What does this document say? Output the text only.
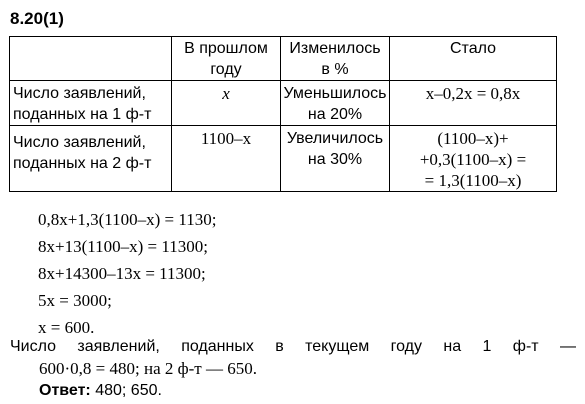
8.20(1)

	В прошлом
году	Изменилось
в %	Стало

Число заявлений,
поданных на 1 ф-т	x	Уменьшилось
на 20%	x–0,2x = 0,8x

Число заявлений,
поданных на 2 ф-т	1100–x	Увеличилось
на 30%	(1100–x)+
+0,3(1100–x) =
= 1,3(1100–x)
0,8x+1,3(1100–x) = 1130;
8x+13(1100–x) = 11300;
8x+14300–13x = 11300;
5x = 3000;
x = 600.
Число заявлений, поданных в текущем году на 1 ф-т —
600·0,8 = 480; на 2 ф-т — 650.
Ответ: 480; 650.
